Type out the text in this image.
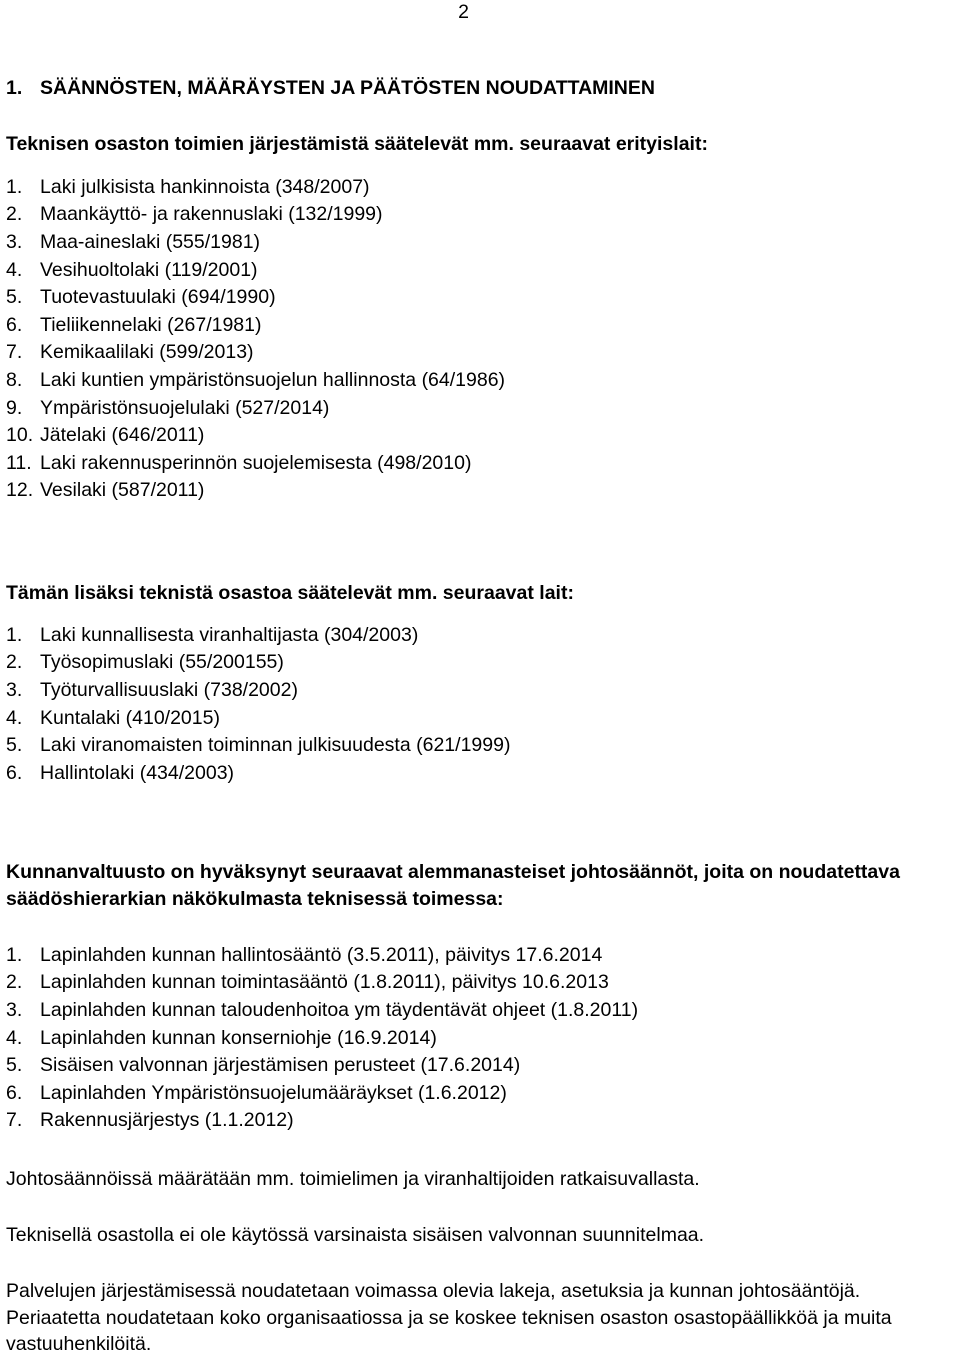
2
1. SÄÄNNÖSTEN, MÄÄRÄYSTEN JA PÄÄTÖSTEN NOUDATTAMINEN
Teknisen osaston toimien järjestämistä säätelevät mm. seuraavat erityislait:
1. Laki julkisista hankinnoista (348/2007)
2. Maankäyttö- ja rakennuslaki (132/1999)
3. Maa-aineslaki (555/1981)
4. Vesihuoltolaki (119/2001)
5. Tuotevastuulaki (694/1990)
6. Tieliikennelaki (267/1981)
7. Kemikaalilaki (599/2013)
8. Laki kuntien ympäristönsuojelun hallinnosta (64/1986)
9. Ympäristönsuojelulaki (527/2014)
10. Jätelaki (646/2011)
11. Laki rakennusperinnön suojelemisesta (498/2010)
12. Vesilaki (587/2011)
Tämän lisäksi teknistä osastoa säätelevät mm. seuraavat lait:
1. Laki kunnallisesta viranhaltijasta (304/2003)
2. Työsopimuslaki (55/200155)
3. Työturvallisuuslaki (738/2002)
4. Kuntalaki (410/2015)
5. Laki viranomaisten toiminnan julkisuudesta (621/1999)
6. Hallintolaki (434/2003)
Kunnanvaltuusto on hyväksynyt seuraavat alemmanasteiset johtosäännöt, joita on noudatettava säädöshierarkian näkökulmasta teknisessä toimessa:
1. Lapinlahden kunnan hallintosääntö (3.5.2011), päivitys 17.6.2014
2. Lapinlahden kunnan toimintasääntö (1.8.2011), päivitys 10.6.2013
3. Lapinlahden kunnan taloudenhoitoa ym täydentävät ohjeet (1.8.2011)
4. Lapinlahden kunnan konserniohje (16.9.2014)
5. Sisäisen valvonnan järjestämisen perusteet (17.6.2014)
6. Lapinlahden Ympäristönsuojelumääräykset (1.6.2012)
7. Rakennusjärjestys (1.1.2012)

Johtosäännöissä määrätään mm. toimielimen ja viranhaltijoiden ratkaisuvallasta.

Teknisellä osastolla ei ole käytössä varsinaista sisäisen valvonnan suunnitelmaa.

Palvelujen järjestämisessä noudatetaan voimassa olevia lakeja, asetuksia ja kunnan johtosääntöjä. Periaatetta noudatetaan koko organisaatiossa ja se koskee teknisen osaston osastopäällikköä ja muita vastuuhenkilöitä.
